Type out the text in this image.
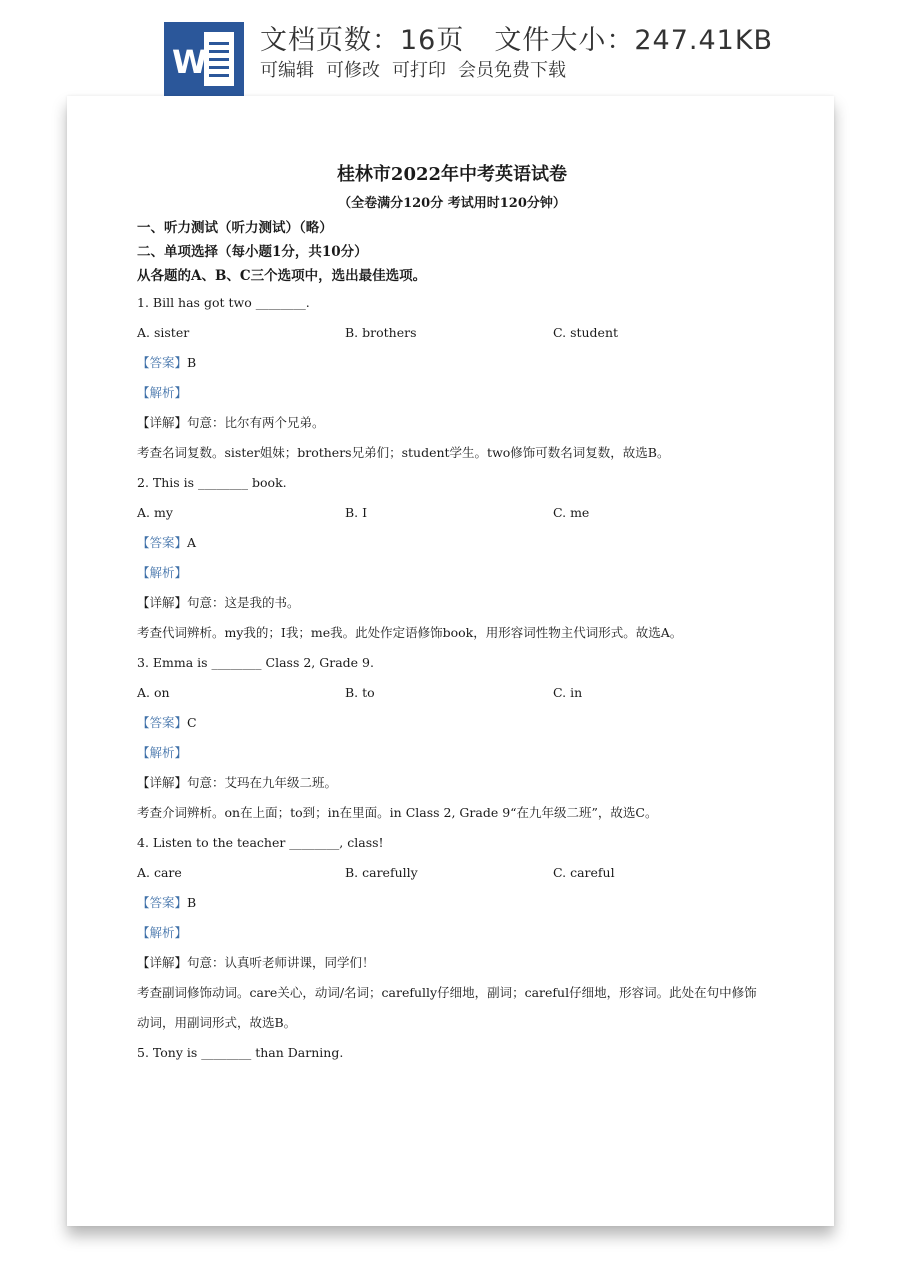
W
文档页数：16页 文件大小：247.41KB
可编辑 可修改 可打印 会员免费下载
桂林市2022年中考英语试卷
（全卷满分120分 考试用时120分钟）
一、听力测试（听力测试）（略）
二、单项选择（每小题1分，共10分）
从各题的A、B、C三个选项中，选出最佳选项。
1. Bill has got two ________.
A. sister	B. brothers	C. student
【答案】B
【解析】
【详解】句意：比尔有两个兄弟。
考查名词复数。sister姐妹；brothers兄弟们；student学生。two修饰可数名词复数，故选B。
2. This is ________ book.
A. my	B. I	C. me
【答案】A
【解析】
【详解】句意：这是我的书。
考查代词辨析。my我的；I我；me我。此处作定语修饰book，用形容词性物主代词形式。故选A。
3. Emma is ________ Class 2, Grade 9.
A. on	B. to	C. in
【答案】C
【解析】
【详解】句意：艾玛在九年级二班。
考查介词辨析。on在上面；to到；in在里面。in Class 2, Grade 9“在九年级二班”，故选C。
4. Listen to the teacher ________, class!
A. care	B. carefully	C. careful
【答案】B
【解析】
【详解】句意：认真听老师讲课，同学们！
考查副词修饰动词。care关心，动词/名词；carefully仔细地，副词；careful仔细地，形容词。此处在句中修饰动词，用副词形式，故选B。
5. Tony is ________ than Darning.
